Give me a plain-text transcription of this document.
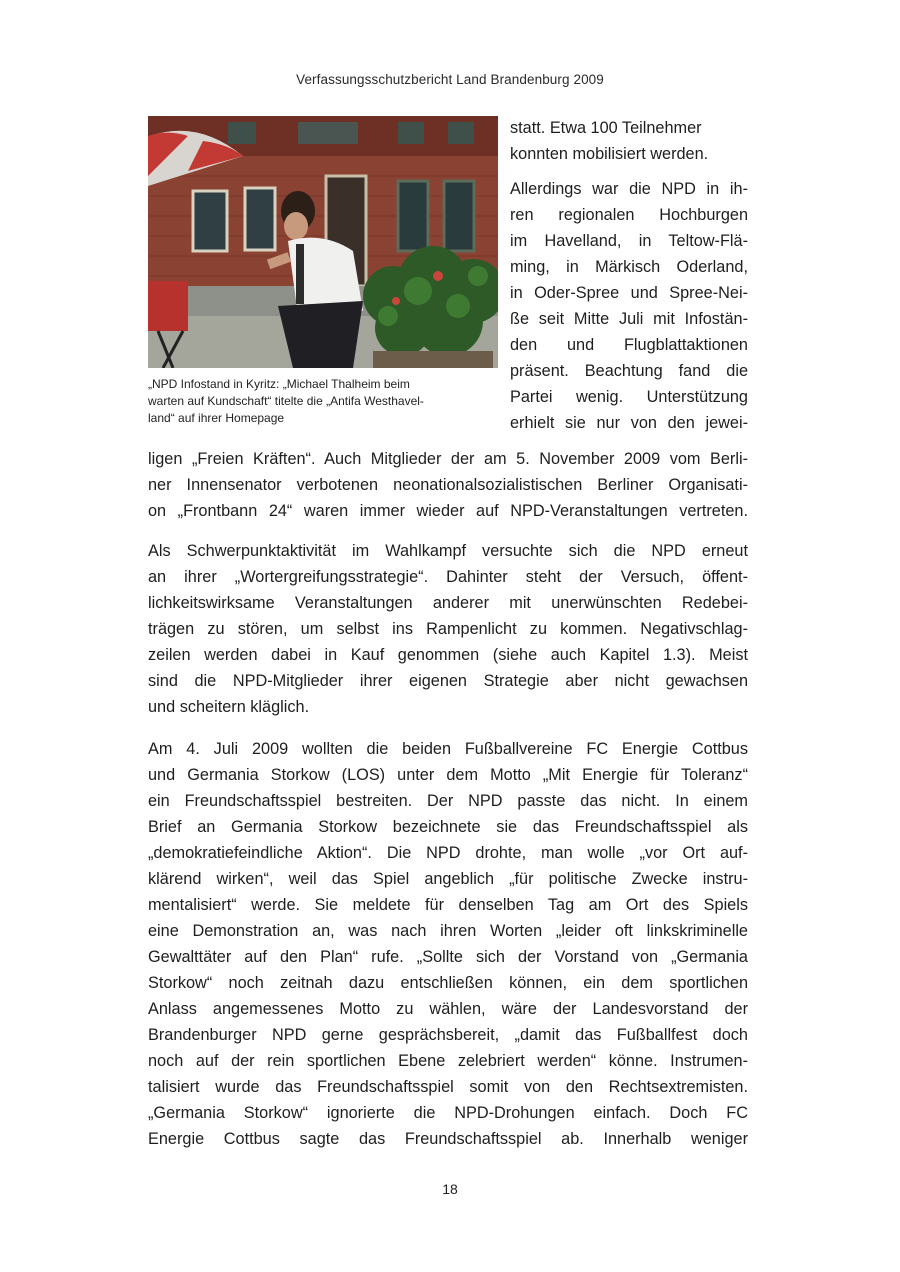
Verfassungsschutzbericht Land Brandenburg 2009
„NPD Infostand in Kyritz: „Michael Thalheim beim
warten auf Kundschaft“ titelte die „Antifa Westhavel-
land“ auf ihrer Homepage
statt. Etwa 100 Teilnehmer
konnten mobilisiert werden.
Allerdings war die NPD in ih-
ren regionalen Hochburgen
im Havelland, in Teltow-Flä-
ming, in Märkisch Oderland,
in Oder-Spree und Spree-Nei-
ße seit Mitte Juli mit Infostän-
den und Flugblattaktionen
präsent. Beachtung fand die
Partei wenig. Unterstützung
erhielt sie nur von den jewei-
ligen „Freien Kräften“. Auch Mitglieder der am 5. November 2009 vom Berli-
ner Innensenator verbotenen neonationalsozialistischen Berliner Organisati-
on „Frontbann 24“ waren immer wieder auf NPD-Veranstaltungen vertreten.
Als Schwerpunktaktivität im Wahlkampf versuchte sich die NPD erneut
an ihrer „Wortergreifungsstrategie“. Dahinter steht der Versuch, öffent-
lichkeitswirksame Veranstaltungen anderer mit unerwünschten Redebei-
trägen zu stören, um selbst ins Rampenlicht zu kommen. Negativschlag-
zeilen werden dabei in Kauf genommen (siehe auch Kapitel 1.3). Meist
sind die NPD-Mitglieder ihrer eigenen Strategie aber nicht gewachsen
und scheitern kläglich.
Am 4. Juli 2009 wollten die beiden Fußballvereine FC Energie Cottbus
und Germania Storkow (LOS) unter dem Motto „Mit Energie für Toleranz“
ein Freundschaftsspiel bestreiten. Der NPD passte das nicht. In einem
Brief an Germania Storkow bezeichnete sie das Freundschaftsspiel als
„demokratiefeindliche Aktion“. Die NPD drohte, man wolle „vor Ort auf-
klärend wirken“, weil das Spiel angeblich „für politische Zwecke instru-
mentalisiert“ werde. Sie meldete für denselben Tag am Ort des Spiels
eine Demonstration an, was nach ihren Worten „leider oft linkskriminelle
Gewalttäter auf den Plan“ rufe. „Sollte sich der Vorstand von „Germania
Storkow“ noch zeitnah dazu entschließen können, ein dem sportlichen
Anlass angemessenes Motto zu wählen, wäre der Landesvorstand der
Brandenburger NPD gerne gesprächsbereit, „damit das Fußballfest doch
noch auf der rein sportlichen Ebene zelebriert werden“ könne. Instrumen-
talisiert wurde das Freundschaftsspiel somit von den Rechtsextremisten.
„Germania Storkow“ ignorierte die NPD-Drohungen einfach. Doch FC
Energie Cottbus sagte das Freundschaftsspiel ab. Innerhalb weniger
18
